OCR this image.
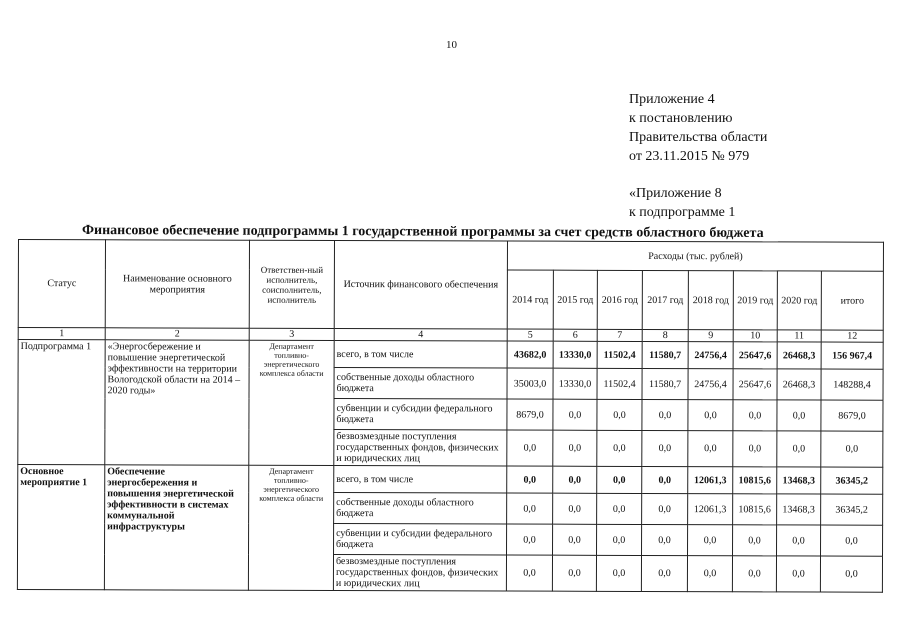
10
Приложение 4
к постановлению
Правительства области
от 23.11.2015 № 979
«Приложение 8
к подпрограмме 1
Финансовое обеспечение подпрограммы 1 государственной программы за счет средств областного бюджета
Статус	Наименование основного мероприятия	Ответствен-ный исполнитель, соисполнитель, исполнитель	Источник финансового обеспечения	Расходы (тыс. рублей)							
				2014 год	2015 год	2016 год	2017 год	2018 год	2019 год	2020 год	итого
1	2	3	4	5	6	7	8	9	10	11	12
Подпрограмма 1	«Энергосбережение и повышение энергетической эффективности на территории Вологодской области на 2014 – 2020 годы»	Департамент топливно-энергетического комплекса области	всего, в том числе	43682,0	13330,0	11502,4	11580,7	24756,4	25647,6	26468,3	156 967,4
			собственные доходы областного бюджета	35003,0	13330,0	11502,4	11580,7	24756,4	25647,6	26468,3	148288,4
			субвенции и субсидии федерального бюджета	8679,0	0,0	0,0	0,0	0,0	0,0	0,0	8679,0
			безвозмездные поступления государственных фондов, физических и юридических лиц	0,0	0,0	0,0	0,0	0,0	0,0	0,0	0,0
Основное мероприятие 1	Обеспечение энергосбережения и повышения энергетической эффективности в системах коммунальной инфраструктуры	Департамент топливно-энергетического комплекса области	всего, в том числе	0,0	0,0	0,0	0,0	12061,3	10815,6	13468,3	36345,2
			собственные доходы областного бюджета	0,0	0,0	0,0	0,0	12061,3	10815,6	13468,3	36345,2
			субвенции и субсидии федерального бюджета	0,0	0,0	0,0	0,0	0,0	0,0	0,0	0,0
			безвозмездные поступления государственных фондов, физических и юридических лиц	0,0	0,0	0,0	0,0	0,0	0,0	0,0	0,0
